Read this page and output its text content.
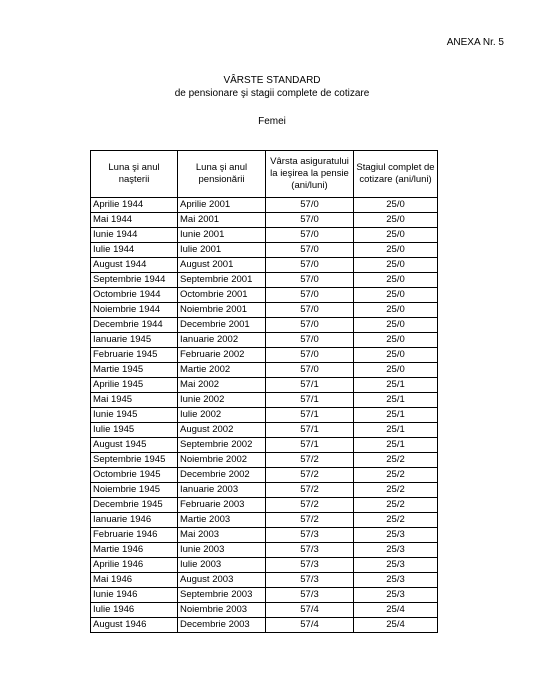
ANEXA Nr. 5
VÂRSTE STANDARD
de pensionare şi stagii complete de cotizare
Femei
Luna şi anul naşterii	Luna şi anul pensionării	Vârsta asiguratului la ieşirea la pensie (ani/luni)	Stagiul complet de cotizare (ani/luni)
Aprilie 1944	Aprilie 2001	57/0	25/0
Mai 1944	Mai 2001	57/0	25/0
Iunie 1944	Iunie 2001	57/0	25/0
Iulie 1944	Iulie 2001	57/0	25/0
August 1944	August 2001	57/0	25/0
Septembrie 1944	Septembrie 2001	57/0	25/0
Octombrie 1944	Octombrie 2001	57/0	25/0
Noiembrie 1944	Noiembrie 2001	57/0	25/0
Decembrie 1944	Decembrie 2001	57/0	25/0
Ianuarie 1945	Ianuarie 2002	57/0	25/0
Februarie 1945	Februarie 2002	57/0	25/0
Martie 1945	Martie 2002	57/0	25/0
Aprilie 1945	Mai 2002	57/1	25/1
Mai 1945	Iunie 2002	57/1	25/1
Iunie 1945	Iulie 2002	57/1	25/1
Iulie 1945	August 2002	57/1	25/1
August 1945	Septembrie 2002	57/1	25/1
Septembrie 1945	Noiembrie 2002	57/2	25/2
Octombrie 1945	Decembrie 2002	57/2	25/2
Noiembrie 1945	Ianuarie 2003	57/2	25/2
Decembrie 1945	Februarie 2003	57/2	25/2
Ianuarie 1946	Martie 2003	57/2	25/2
Februarie 1946	Mai 2003	57/3	25/3
Martie 1946	Iunie 2003	57/3	25/3
Aprilie 1946	Iulie 2003	57/3	25/3
Mai 1946	August 2003	57/3	25/3
Iunie 1946	Septembrie 2003	57/3	25/3
Iulie 1946	Noiembrie 2003	57/4	25/4
August 1946	Decembrie 2003	57/4	25/4
